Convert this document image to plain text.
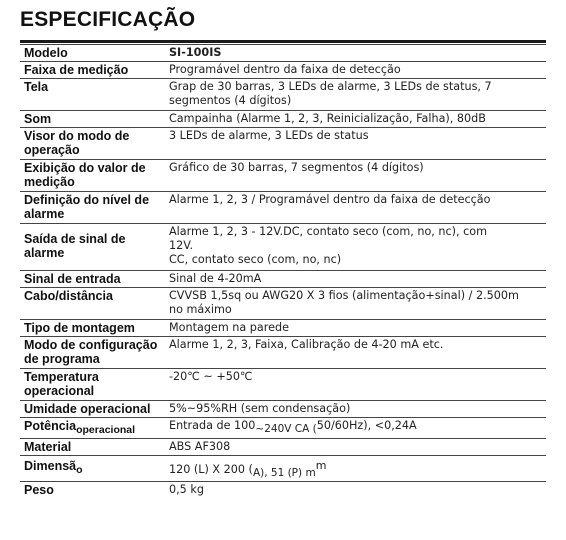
ESPECIFICAÇÃO
Modelo	SI-100IS
Faixa de medição	Programável dentro da faixa de detecção
Tela	Grap de 30 barras, 3 LEDs de alarme, 3 LEDs de status, 7
segmentos (4 dígitos)

Som	Campainha (Alarme 1, 2, 3, Reinicialização, Falha), 80dB

Visor do modo de
operação	3 LEDs de alarme, 3 LEDs de status

Exibição do valor de
medição	Gráfico de 30 barras, 7 segmentos (4 dígitos)

Definição do nível de
alarme	Alarme 1, 2, 3 / Programável dentro da faixa de detecção

Saída de sinal de
alarme	Alarme 1, 2, 3 - 12V.DC, contato seco (com, no, nc), com
12V.
CC, contato seco (com, no, nc)

Sinal de entrada	Sinal de 4-20mA
Cabo/distância	CVVSB 1,5sq ou AWG20 X 3 fios (alimentação+sinal) / 2.500m
no máximo

Tipo de montagem	Montagem na parede

Modo de configuração
de programa	Alarme 1, 2, 3, Faixa, Calibração de 4-20 mA etc.

Temperatura
operacional	-20℃ ~ +50℃
Umidade operacional	5%~95%RH (sem condensação)
Potência$_{operacional}$	Entrada de 100~240V CA (50/60Hz), <0,24A
Material	ABS AF308
Dimensã$_o$	120 (L) X 200 (A), 51 (P) mm
Peso	0,5 kg
